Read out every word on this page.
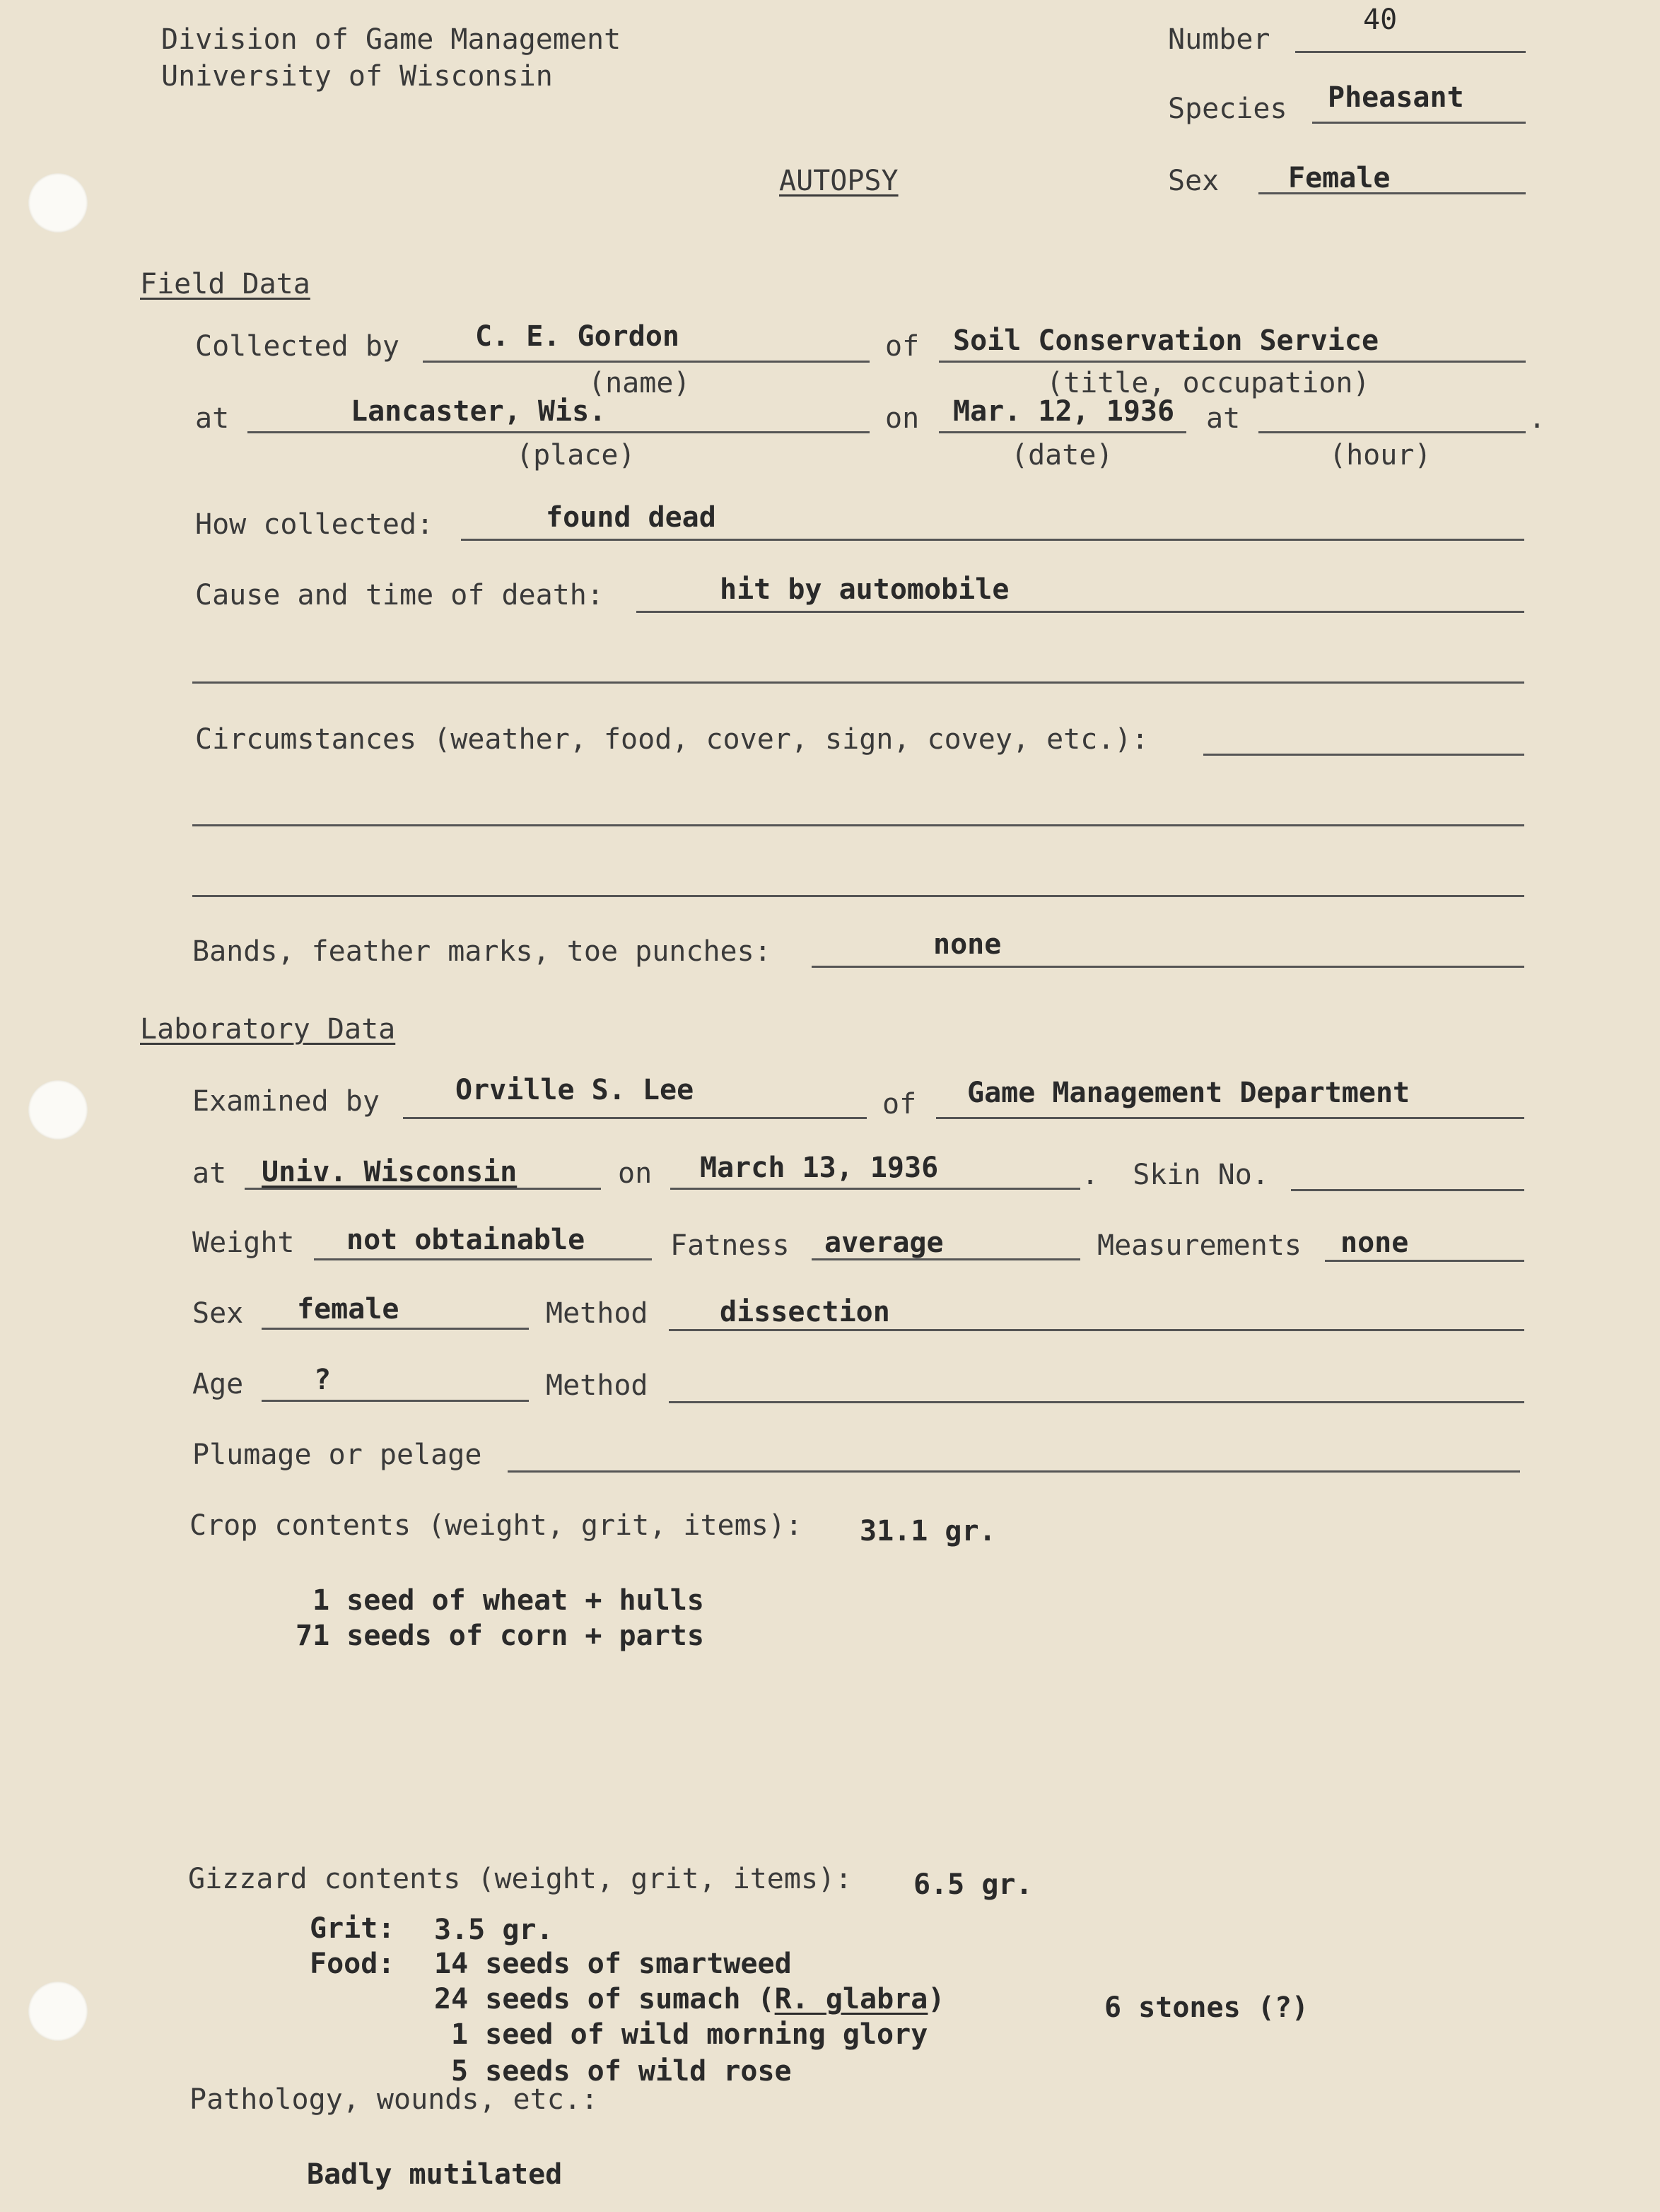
Division of Game Management
University of Wisconsin
Number
40
Species Pheasant
AUTOPSY	Sex Female
Field Data
Collected by	C. E. Gordon
(name)
of Soil Conservation Service
(title, occupation)
at	Lancaster, Wis.
(place)
on Mar. 12, 1936
(date)
at	.
(hour)
How collected:	found dead
Cause and time of death:	hit by automobile
Circumstances (weather, food, cover, sign, covey, etc.):
Bands, feather marks, toe punches:	none
Laboratory Data
Examined by	Orville S. Lee	of Game Management Department
at Univ. Wisconsin	on March 13, 1936	.  Skin No.
Weight not obtainable	Fatness average	Measurements none
Sex female	Method	dissection
Age ?	Method
Plumage or pelage
Crop contents (weight, grit, items): 31.1 gr.
1 seed of wheat + hulls
71 seeds of corn + parts
Gizzard contents (weight, grit, items): 6.5 gr.
Grit: 3.5 gr.
Food: 14 seeds of smartweed
24 seeds of sumach (R. glabra)	6 stones (?)
1 seed of wild morning glory
5 seeds of wild rose
Pathology, wounds, etc.:
Badly mutilated
